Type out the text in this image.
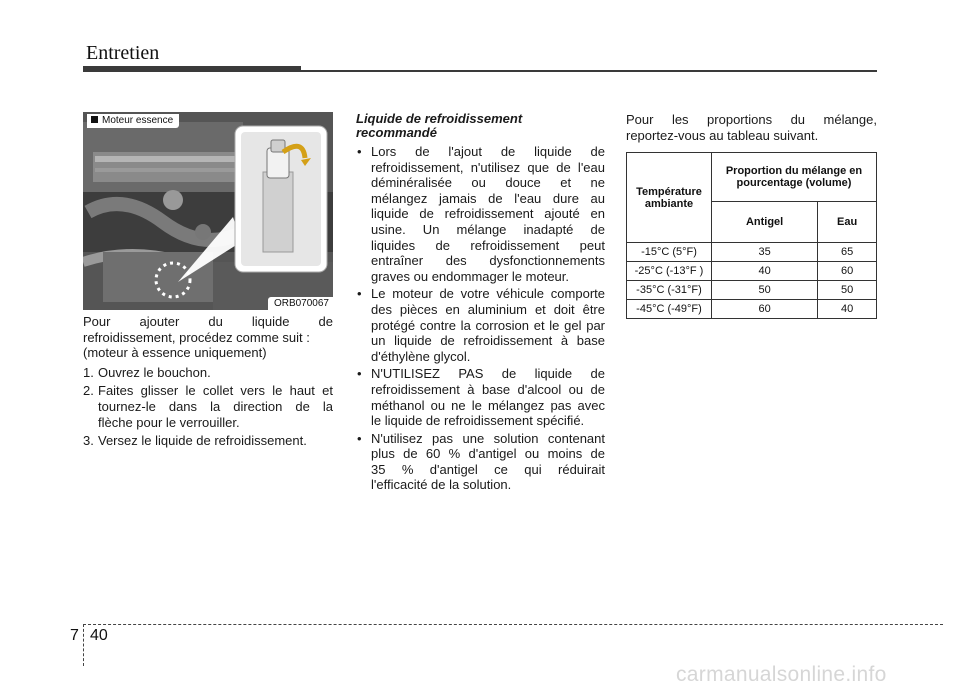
Entretien
Moteur essence
ORB070067

Pour ajouter du liquide de

refroidissement, procédez comme suit :

(moteur à essence uniquement)

1. Ouvrez le bouchon.

2. Faites glisser le collet vers le haut et

tournez-le dans la direction de la

flèche pour le verrouiller.

3. Versez le liquide de refroidissement.

Liquide de refroidissement
recommandé
• Lors de l'ajout de liquide de

refroidissement, n'utilisez que de l'eau

déminéralisée ou douce et ne

mélangez jamais de l'eau dure au

liquide de refroidissement ajouté en

usine. Un mélange inadapté de

liquides de refroidissement peut

entraîner des dysfonctionnements

graves ou endommager le moteur.

• Le moteur de votre véhicule comporte

des pièces en aluminium et doit être

protégé contre la corrosion et le gel par

un liquide de refroidissement à base

d'éthylène glycol.

• N'UTILISEZ PAS de liquide de

refroidissement à base d'alcool ou de

méthanol ou ne le mélangez pas avec

le liquide de refroidissement spécifié.

• N'utilisez pas une solution contenant

plus de 60 % d'antigel ou moins de

35 % d'antigel ce qui réduirait

l'efficacité de la solution.

Pour les proportions du mélange,

reportez-vous au tableau suivant.

Température ambiante	Proportion du mélange en pourcentage (volume)	
	Antigel	Eau
-15°C (5°F)	35	65
-25°C (-13°F )	40	60
-35°C (-31°F)	50	50
-45°C (-49°F)	60	40
7 40
carmanualsonline.info
